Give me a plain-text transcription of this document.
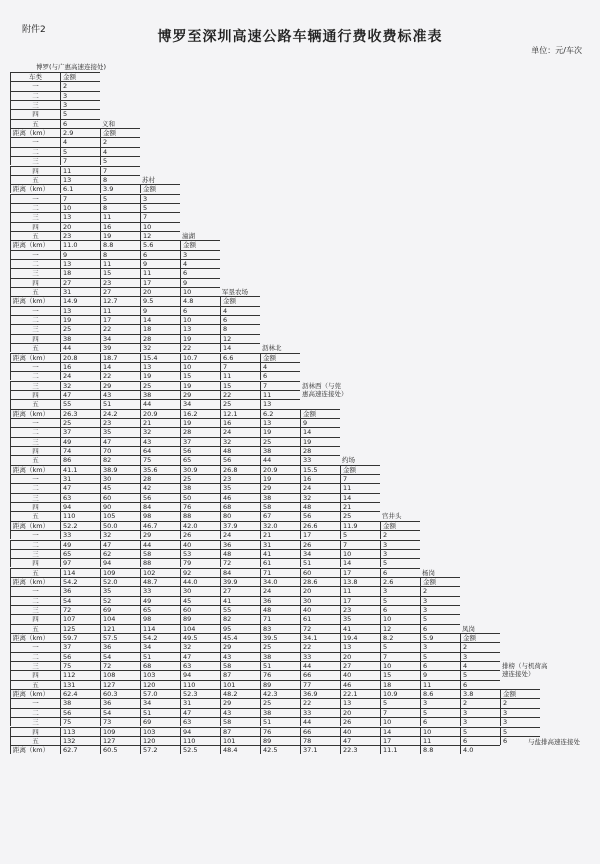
附件2	博罗至深圳高速公路车辆通行费收费标准表
单位：元/车次
博罗(与广惠高速连接处)
车类	金额
一	2
二	3
三	3
四	5
五	6	义和
距离（km）	2.9	金额
一	4	2
二	5	4
三	7	5
四	11	7
五	13	8	苏村
距离（km）	6.1	3.9	金额
一	7	5	3
二	10	8	5
三	13	11	7
四	20	16	10
五	23	19	12	潼湖
距离（km）	11.0	8.8	5.6	金额
一	9	8	6	3
二	13	11	9	4
三	18	15	11	6
四	27	23	17	9
五	31	27	20	10	军垦农场
距离（km）	14.9	12.7	9.5	4.8	金额
一	13	11	9	6	4
二	19	17	14	10	6
三	25	22	18	13	8
四	38	34	28	19	12
五	44	39	32	22	14	沥林北
距离（km）	20.8	18.7	15.4	10.7	6.6	金额
一	16	14	13	10	7	4
二	24	22	19	15	11	6
三	32	29	25	19	15	7
四	47	43	38	29	22	11
五	55	51	44	34	25	13
沥林西（与莞惠高速连接处）
距离（km）	26.3	24.2	20.9	16.2	12.1	6.2	金额
一	25	23	21	19	16	13	9
二	37	35	32	28	24	19	14
三	49	47	43	37	32	25	19
四	74	70	64	56	48	38	28
五	86	82	75	65	56	44	33	约场
距离（km）	41.1	38.9	35.6	30.9	26.8	20.9	15.5	金额
一	31	30	28	25	23	19	16	7
二	47	45	42	38	35	29	24	11
三	63	60	56	50	46	38	32	14
四	94	90	84	76	68	58	48	21
五	110	105	98	88	80	67	56	25	官井头
距离（km）	52.2	50.0	46.7	42.0	37.9	32.0	26.6	11.9	金额
一	33	32	29	26	24	21	17	5	2
二	49	47	44	40	36	31	26	7	3
三	65	62	58	53	48	41	34	10	3
四	97	94	88	79	72	61	51	14	5
五	114	109	102	92	84	71	60	17	6	杨岗
距离（km）	54.2	52.0	48.7	44.0	39.9	34.0	28.6	13.8	2.6	金额
一	36	35	33	30	27	24	20	11	3	2
二	54	52	49	45	41	36	30	17	5	3
三	72	69	65	60	55	48	40	23	6	3
四	107	104	98	89	82	71	61	35	10	5
五	125	121	114	104	95	83	72	41	12	6	凤岗
距离（km）	59.7	57.5	54.2	49.5	45.4	39.5	34.1	19.4	8.2	5.9	金额
一	37	36	34	32	29	25	22	13	5	3	2
二	56	54	51	47	43	38	33	20	7	5	3
三	75	72	68	63	58	51	44	27	10	6	4
四	112	108	103	94	87	76	66	40	15	9	5
五	131	127	120	110	101	89	77	46	18	11	6
排榜（与机荷高速连接处）
距离（km）	62.4	60.3	57.0	52.3	48.2	42.3	36.9	22.1	10.9	8.6	3.8	金额
一	38	36	34	31	29	25	22	13	5	3	2	2
二	56	54	51	47	43	38	33	20	7	5	3	3
三	75	73	69	63	58	51	44	26	10	6	3	3
四	113	109	103	94	87	76	66	40	14	10	5	5
五	132	127	120	110	101	89	78	47	17	11	6	6
距离（km）	62.7	60.5	57.2	52.5	48.4	42.5	37.1	22.3	11.1	8.8	4.0
与盐排高速连接处
